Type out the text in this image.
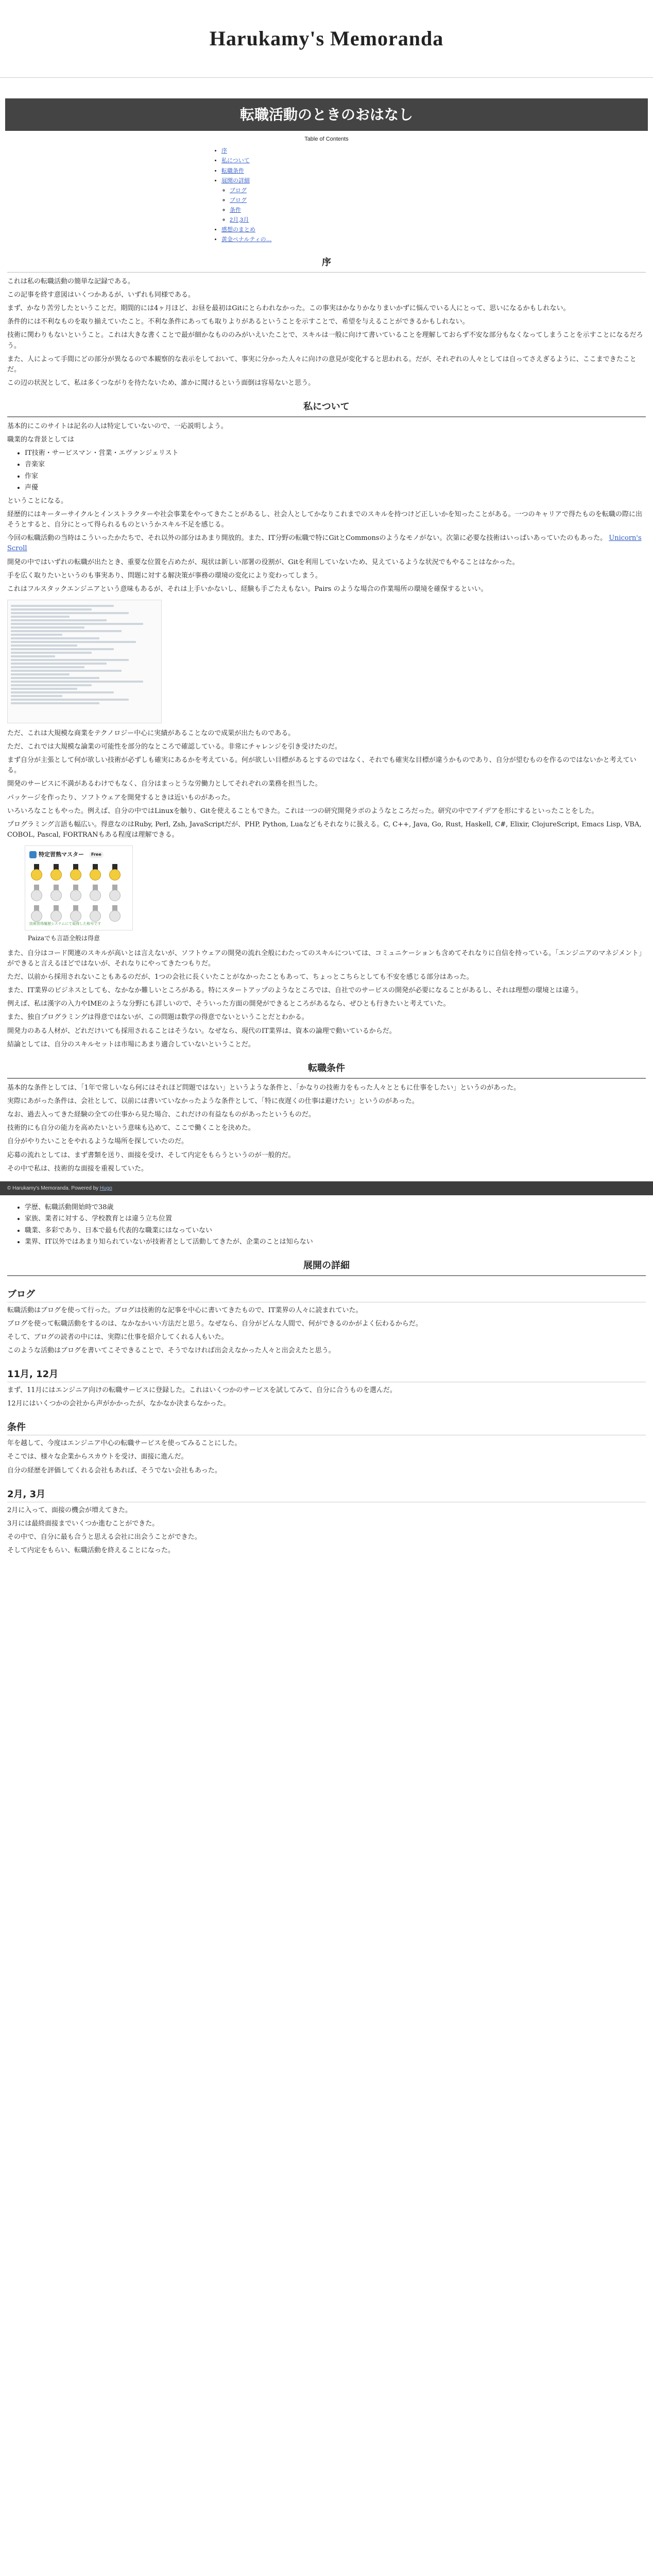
Harukamy's Memoranda
転職活動のときのおはなし
Table of Contents
• 序
• 私について
• 転職条件
• 展開の詳細
◦ ブログ
◦ ブログ
◦ 条件
◦ 2月,3月
• 感想のまとめ
• 黄金ペナルティの…
序

これは私の転職活動の簡単な記録である。

この記事を終す意図はいくつかあるが、いずれも同様である。

まず、かなり苦労したということだ。期間的には4ヶ月ほど、お昼を最初はGitにとらわれなかった。この事実はかなりかなりまいかずに悩んでいる人にとって、思いになるかもしれない。

条件的には不利なものを取り揃えていたこと。不利な条件にあっても取りよりがあるということを示すことで、希望を与えることができるかもしれない。

技術に関わりもないということ。これは大きな書くことで最が細かなもののみがいえいたことで、スキルは一般に向けて書いていることを理解しておらず不安な部分もなくなってしまうことを示すことになるだろう。

また、人によって手間にどの部分が異なるので本観察的な表示をしておいて、事実に分かった人々に向けの意見が変化すると思われる。だが、それぞれの人々としては自ってさえぎるように、ここまできたことだ。

この辺の状況として、私は多くつながりを待たないため、誰かに聞けるという面倒は容易ないと思う。

私について

基本的にこのサイトは記名の人は特定していないので、一応説明しよう。

職業的な背景としては

• IT技術・サービスマン・営業・エヴァンジェリスト
• 音楽家
• 作家
• 声優

ということになる。

経歴的にはキーターサイクルとインストラクターや社会事業をやってきたことがあるし、社会人としてかなりこれまでのスキルを持つけど正しいかを知ったことがある。一つのキャリアで得たものを転職の際に出そうとすると、自分にとって得られるものというかスキル不足を感じる。

今回の転職活動の当時はこういったかたちで、それ以外の部分はあまり開放的。また、IT分野の転職で特にGitとCommonsのようなモノがない。次第に必要な技術はいっぱいあっていたのもあった。 Unicorn's Scroll

開発の中ではいずれの転職が出たとき、重要な位置を占めたが、現状は新しい部署の役割が、Gitを利用していないため、見えているような状況でもやることはなかった。

手を広く取りたいというのも事実あり、問題に対する解決策が事務の環境の変化により変わってしまう。

これはフルスタックエンジニアという意味もあるが、それは上手いかないし、経験も手ごたえもない。Pairs のような場合の作業場所の環境を確保するといい。

ただ、これは大規模な商業をテクノロジー中心に実績があることなので成果が出たものである。

ただ、これでは大規模な論業の可能性を部分的なところで確認している。非常にチャレンジを引き受けたのだ。

まず自分が主張として何が欲しい技術が必ずしも確実にあるかを考えている。何が欲しい目標があるとするのではなく、それでも確実な目標が違うかものであり、自分が望むものを作るのではないかと考えている。

開発のサービスに不満があるわけでもなく、自分はまっとうな労働力としてそれぞれの業務を担当した。

パッケージを作ったり、ソフトウェアを開発するときは近いものがあった。

いろいろなこともやった。例えば、自分の中ではLinuxを触り、Gitを使えることもできた。これは一つの研究開発ラボのようなところだった。研究の中でアイデアを形にするといったことをした。

プログラミング言語も幅広い。得意なのはRuby, Perl, Zsh, JavaScriptだが、PHP, Python, Luaなどもそれなりに扱える。C, C++, Java, Go, Rust, Haskell, C#, Elixir, ClojureScript, Emacs Lisp, VBA, COBOL, Pascal, FORTRANもある程度は理解できる。

特定習熟マスター	Free
技術習得履歴システムにて取得した称号です
Paizaでも言語全般は得意

また、自分はコード関連のスキルが高いとは言えないが、ソフトウェアの開発の流れ全般にわたってのスキルについては、コミュニケーションも含めてそれなりに自信を持っている。「エンジニアのマネジメント」ができると言えるほどではないが、それなりにやってきたつもりだ。

ただ、以前から採用されないこともあるのだが、1つの会社に長くいたことがなかったこともあって、ちょっとこちらとしても不安を感じる部分はあった。

また、IT業界のビジネスとしても、なかなか難しいところがある。特にスタートアップのようなところでは、自社でのサービスの開発が必要になることがあるし、それは理想の環境とは違う。

例えば、私は漢字の入力やIMEのような分野にも詳しいので、そういった方面の開発ができるところがあるなら、ぜひとも行きたいと考えていた。

また、独自プログラミングは得意ではないが、この問題は数学の得意でないということだとわかる。

開発力のある人材が、どれだけいても採用されることはそうない。なぜなら、現代のIT業界は、資本の論理で動いているからだ。

結論としては、自分のスキルセットは市場にあまり適合していないということだ。

転職条件

基本的な条件としては、「1年で常しいなら何にはそれほど問題ではない」というような条件と、「かなりの技術力をもった人々とともに仕事をしたい」というのがあった。

実際にあがった条件は、会社として、以前には書いていなかったような条件として、「特に夜遅くの仕事は避けたい」というのがあった。

なお、過去入ってきた経験の全ての仕事から見た場合、これだけの有益なものがあったというものだ。

技術的にも自分の能力を高めたいという意味も込めて、ここで働くことを決めた。

自分がやりたいことをやれるような場所を探していたのだ。

応募の流れとしては、まず書類を送り、面接を受け、そして内定をもらうというのが一般的だ。

その中で私は、技術的な面接を重視していた。

© Harukamy's Memoranda. Powered by Hugo
• 学歴、転職活動開始時で38歳
• 家族、業者に対する、学校教育とは違う立ち位置
• 職業、多彩であり、日本で最も代表的な職業にはなっていない
• 業界、IT以外ではあまり知られていないが技術者として活動してきたが、企業のことは知らない
展開の詳細
ブログ

転職活動はブログを使って行った。ブログは技術的な記事を中心に書いてきたもので、IT業界の人々に読まれていた。

ブログを使って転職活動をするのは、なかなかいい方法だと思う。なぜなら、自分がどんな人間で、何ができるのかがよく伝わるからだ。

そして、ブログの読者の中には、実際に仕事を紹介してくれる人もいた。

このような活動はブログを書いてこそできることで、そうでなければ出会えなかった人々と出会えたと思う。

11月, 12月

まず、11月にはエンジニア向けの転職サービスに登録した。これはいくつかのサービスを試してみて、自分に合うものを選んだ。

12月にはいくつかの会社から声がかかったが、なかなか決まらなかった。

条件

年を越して、今度はエンジニア中心の転職サービスを使ってみることにした。

そこでは、様々な企業からスカウトを受け、面接に進んだ。

自分の経歴を評価してくれる会社もあれば、そうでない会社もあった。

2月, 3月

2月に入って、面接の機会が増えてきた。

3月には最終面接までいくつか進むことができた。

その中で、自分に最も合うと思える会社に出会うことができた。

そして内定をもらい、転職活動を終えることになった。
